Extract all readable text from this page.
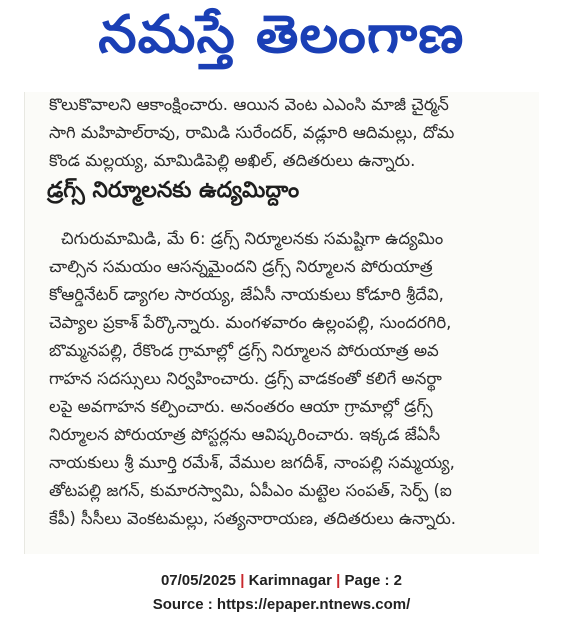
నమస్తే తెలంగాణ
కొలుకొవాలని ఆకాంక్షించారు. ఆయిన వెంట ఎఎంసి మాజీ చైర్మన్
సాగి మహిపాల్‌రావు, రామిడి సురేందర్, వడ్లూరి ఆదిమల్లు, దోమ
కొండ మల్లయ్య, మామిడిపెల్లి అఖిల్, తదితరులు ఉన్నారు.
డ్రగ్స్ నిర్మూలనకు ఉద్యమిద్దాం
చిగురుమామిడి, మే 6: డ్రగ్స్ నిర్మూలనకు సమష్టిగా ఉద్యమిం
చాల్సిన సమయం ఆసన్నమైందని డ్రగ్స్ నిర్మూలన పోరుయాత్ర
కోఆర్డినేటర్ డ్యాగల సారయ్య, జేఏసీ నాయకులు కోడూరి శ్రీదేవి,
చెప్యాల ప్రకాశ్ పేర్కొన్నారు. మంగళవారం ఉల్లంపల్లి, సుందరగిరి,
బొమ్మనపల్లి, రేకొండ గ్రామాల్లో డ్రగ్స్ నిర్మూలన పోరుయాత్ర అవ
గాహన సదస్సులు నిర్వహించారు. డ్రగ్స్ వాడకంతో కలిగే అనర్థా
లపై అవగాహన కల్పించారు. అనంతరం ఆయా గ్రామాల్లో డ్రగ్స్
నిర్మూలన పోరుయాత్ర పోస్టర్లను ఆవిష్కరించారు. ఇక్కడ జేఏసీ
నాయకులు శ్రీ మూర్తి రమేశ్, వేముల జగదీశ్, నాంపల్లి సమ్మయ్య,
తోటపల్లి జగన్, కుమారస్వామి, ఏపీఎం మట్టెల సంపత్, సెర్ప్ (ఐ
కేపీ) సీసీలు వెంకటమల్లు, సత్యనారాయణ, తదితరులు ఉన్నారు.
07/05/2025 | Karimnagar | Page : 2
Source : https://epaper.ntnews.com/
